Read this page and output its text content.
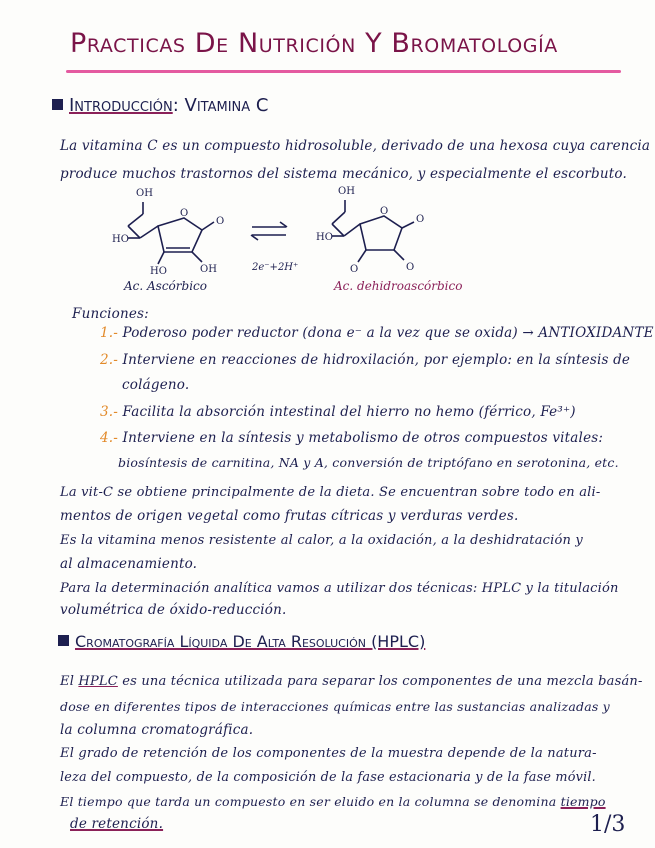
Practicas De Nutrición Y Bromatología
Introducción: Vitamina C
La vitamina C es un compuesto hidrosoluble, derivado de una hexosa cuya carencia
produce muchos trastornos del sistema mecánico, y especialmente el escorbuto.
OH
HO
O
O
HO	OH	2e⁻+2H⁺
OH
HO
O
O
O	O
Ac. Ascórbico	Ac. dehidroascórbico
Funciones:
1.- Poderoso poder reductor (dona e⁻ a la vez que se oxida) → ANTIOXIDANTE
2.- Interviene en reacciones de hidroxilación, por ejemplo: en la síntesis de
colágeno.
3.- Facilita la absorción intestinal del hierro no hemo (férrico, Fe³⁺)
4.- Interviene en la síntesis y metabolismo de otros compuestos vitales:
biosíntesis de carnitina, NA y A, conversión de triptófano en serotonina, etc.
La vit-C se obtiene principalmente de la dieta. Se encuentran sobre todo en ali-
mentos de origen vegetal como frutas cítricas y verduras verdes.
Es la vitamina menos resistente al calor, a la oxidación, a la deshidratación y
al almacenamiento.
Para la determinación analítica vamos a utilizar dos técnicas: HPLC y la titulación
volumétrica de óxido-reducción.
Cromatografía Líquida De Alta Resolución (HPLC)
El HPLC es una técnica utilizada para separar los componentes de una mezcla basán-
dose en diferentes tipos de interacciones químicas entre las sustancias analizadas y
la columna cromatográfica.
El grado de retención de los componentes de la muestra depende de la natura-
leza del compuesto, de la composición de la fase estacionaria y de la fase móvil.
El tiempo que tarda un compuesto en ser eluido en la columna se denomina tiempo
de retención.	1/3
